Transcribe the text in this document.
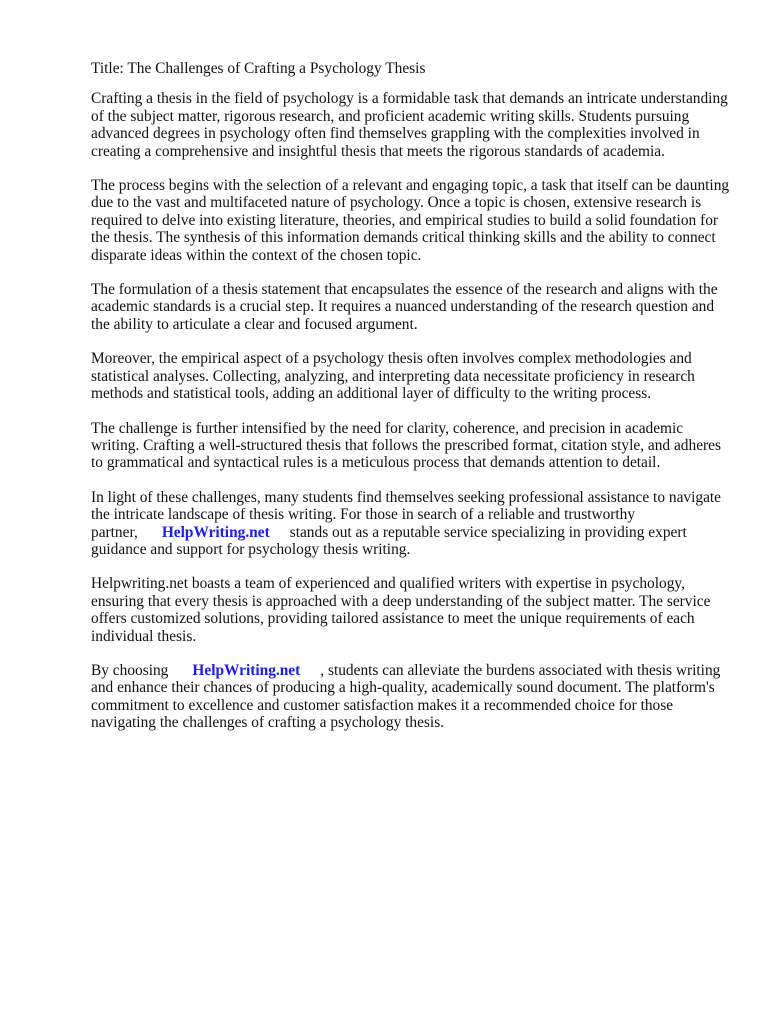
Title: The Challenges of Crafting a Psychology Thesis

Crafting a thesis in the field of psychology is a formidable task that demands an intricate understanding of the subject matter, rigorous research, and proficient academic writing skills. Students pursuing advanced degrees in psychology often find themselves grappling with the complexities involved in creating a comprehensive and insightful thesis that meets the rigorous standards of academia.

The process begins with the selection of a relevant and engaging topic, a task that itself can be daunting due to the vast and multifaceted nature of psychology. Once a topic is chosen, extensive research is required to delve into existing literature, theories, and empirical studies to build a solid foundation for the thesis. The synthesis of this information demands critical thinking skills and the ability to connect disparate ideas within the context of the chosen topic.

The formulation of a thesis statement that encapsulates the essence of the research and aligns with the academic standards is a crucial step. It requires a nuanced understanding of the research question and the ability to articulate a clear and focused argument.

Moreover, the empirical aspect of a psychology thesis often involves complex methodologies and statistical analyses. Collecting, analyzing, and interpreting data necessitate proficiency in research methods and statistical tools, adding an additional layer of difficulty to the writing process.

The challenge is further intensified by the need for clarity, coherence, and precision in academic writing. Crafting a well-structured thesis that follows the prescribed format, citation style, and adheres to grammatical and syntactical rules is a meticulous process that demands attention to detail.

In light of these challenges, many students find themselves seeking professional assistance to navigate the intricate landscape of thesis writing. For those in search of a reliable and trustworthy partner, HelpWriting.net stands out as a reputable service specializing in providing expert guidance and support for psychology thesis writing.

Helpwriting.net boasts a team of experienced and qualified writers with expertise in psychology, ensuring that every thesis is approached with a deep understanding of the subject matter. The service offers customized solutions, providing tailored assistance to meet the unique requirements of each individual thesis.

By choosing HelpWriting.net , students can alleviate the burdens associated with thesis writing and enhance their chances of producing a high-quality, academically sound document. The platform's commitment to excellence and customer satisfaction makes it a recommended choice for those navigating the challenges of crafting a psychology thesis.
